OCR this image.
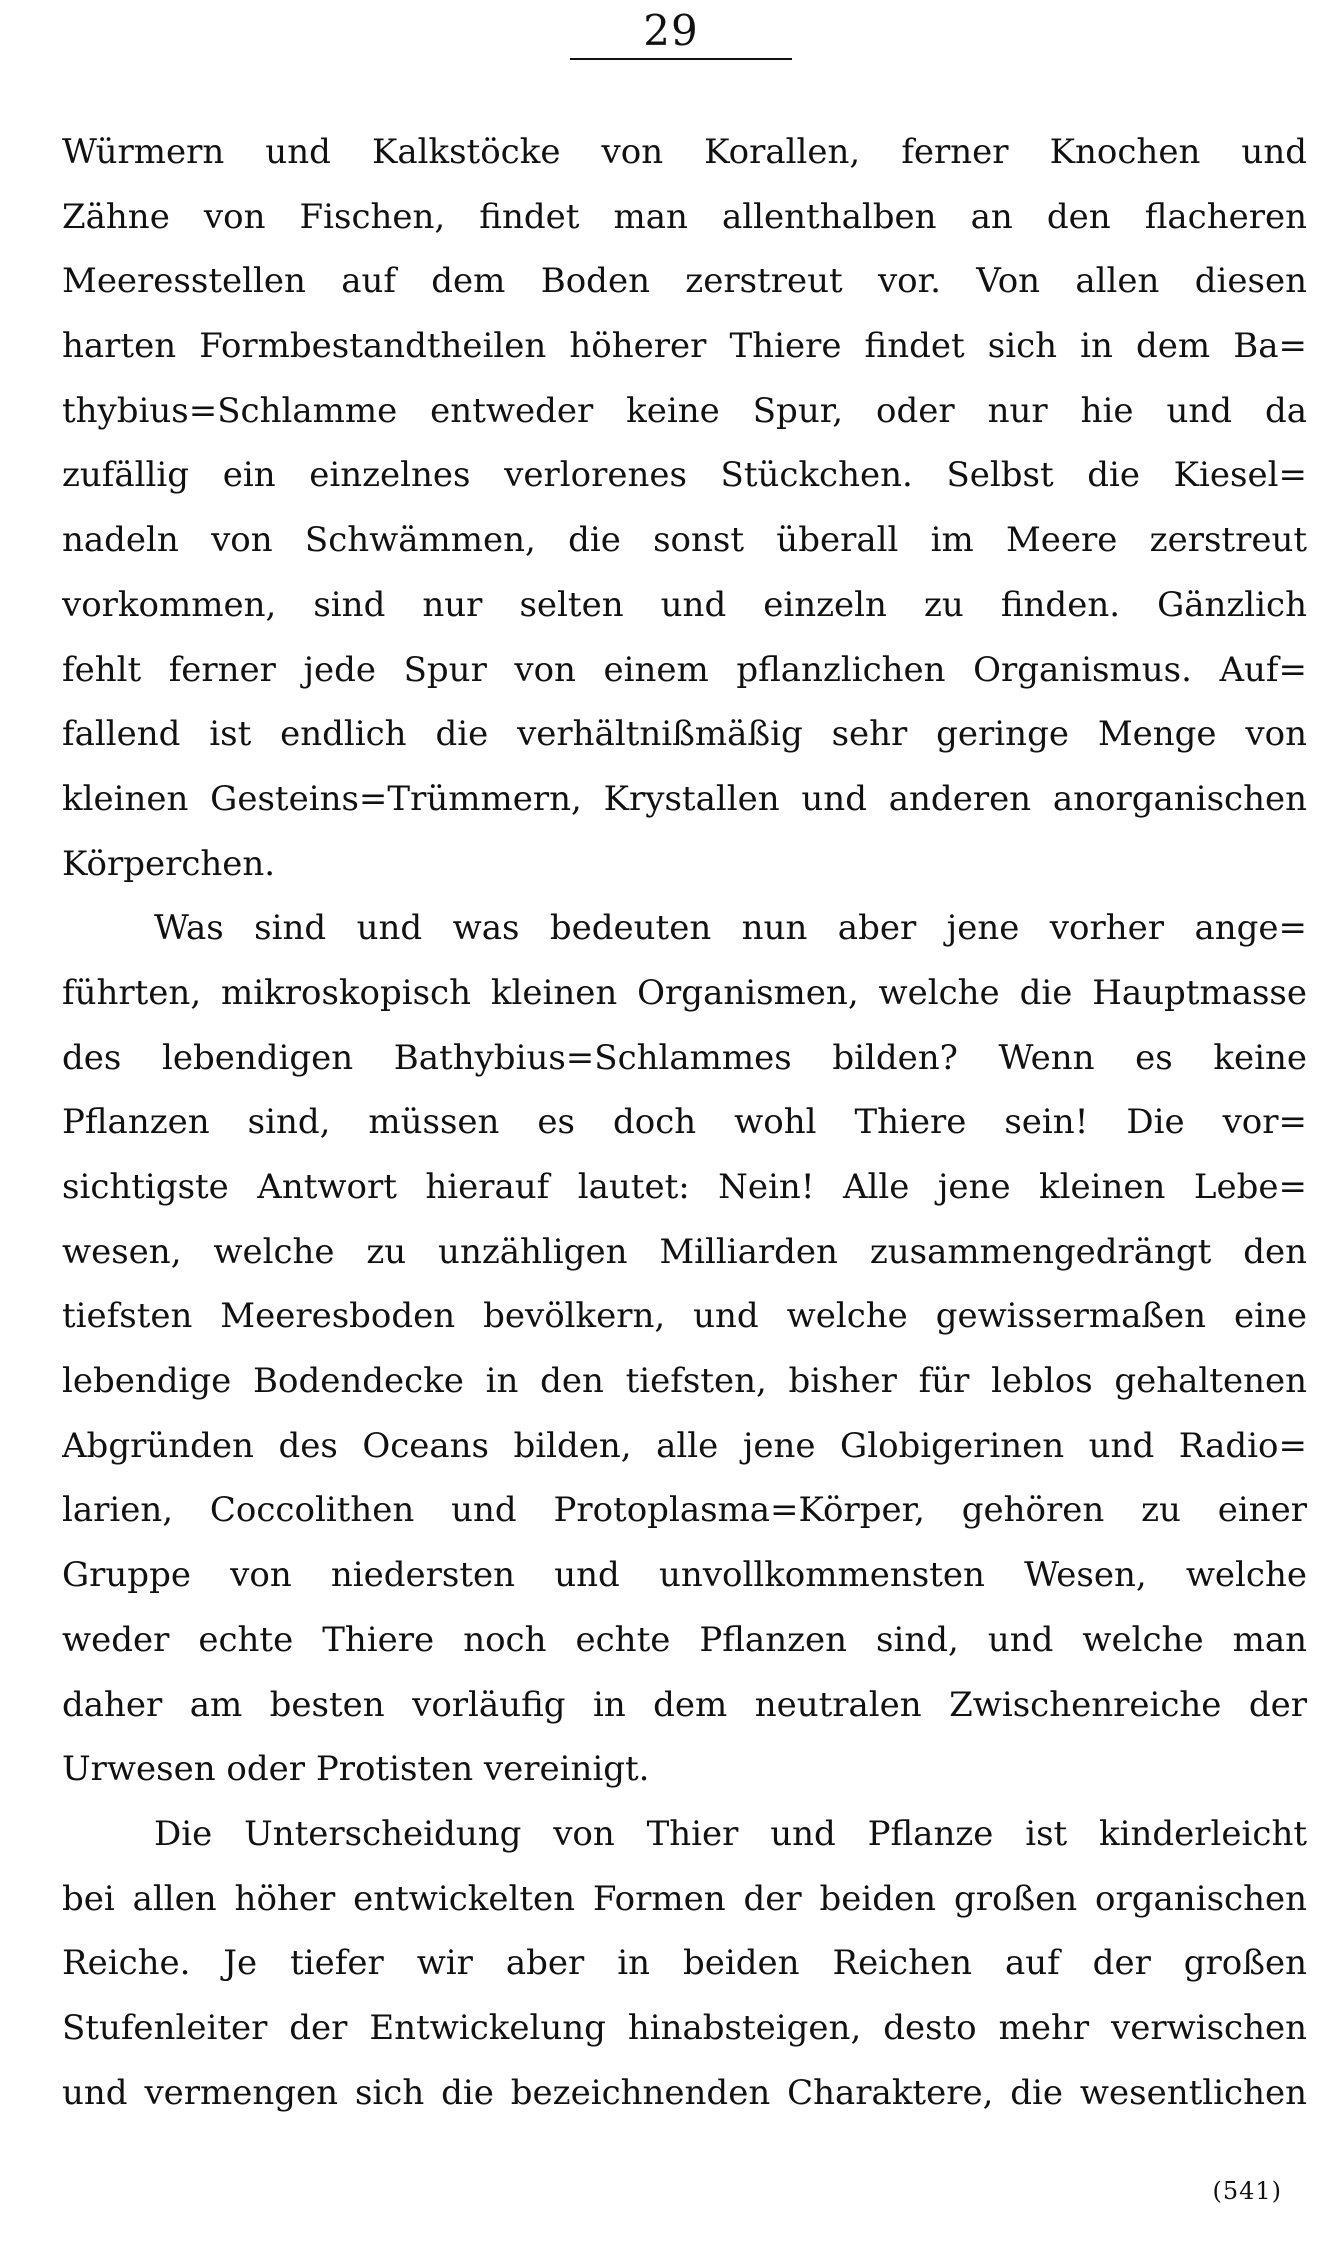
29
Würmern und Kalkstöcke von Korallen, ferner Knochen und
Zähne von Fischen, findet man allenthalben an den flacheren
Meeresstellen auf dem Boden zerstreut vor. Von allen diesen
harten Formbestandtheilen höherer Thiere findet sich in dem Ba=
thybius=Schlamme entweder keine Spur, oder nur hie und da
zufällig ein einzelnes verlorenes Stückchen. Selbst die Kiesel=
nadeln von Schwämmen, die sonst überall im Meere zerstreut
vorkommen, sind nur selten und einzeln zu finden. Gänzlich
fehlt ferner jede Spur von einem pflanzlichen Organismus. Auf=
fallend ist endlich die verhältnißmäßig sehr geringe Menge von
kleinen Gesteins=Trümmern, Krystallen und anderen anorganischen
Körperchen.
Was sind und was bedeuten nun aber jene vorher ange=
führten, mikroskopisch kleinen Organismen, welche die Hauptmasse
des lebendigen Bathybius=Schlammes bilden? Wenn es keine
Pflanzen sind, müssen es doch wohl Thiere sein! Die vor=
sichtigste Antwort hierauf lautet: Nein! Alle jene kleinen Lebe=
wesen, welche zu unzähligen Milliarden zusammengedrängt den
tiefsten Meeresboden bevölkern, und welche gewissermaßen eine
lebendige Bodendecke in den tiefsten, bisher für leblos gehaltenen
Abgründen des Oceans bilden, alle jene Globigerinen und Radio=
larien, Coccolithen und Protoplasma=Körper, gehören zu einer
Gruppe von niedersten und unvollkommensten Wesen, welche
weder echte Thiere noch echte Pflanzen sind, und welche man
daher am besten vorläufig in dem neutralen Zwischenreiche der
Urwesen oder Protisten vereinigt.
Die Unterscheidung von Thier und Pflanze ist kinderleicht
bei allen höher entwickelten Formen der beiden großen organischen
Reiche. Je tiefer wir aber in beiden Reichen auf der großen
Stufenleiter der Entwickelung hinabsteigen, desto mehr verwischen
und vermengen sich die bezeichnenden Charaktere, die wesentlichen
(541)
